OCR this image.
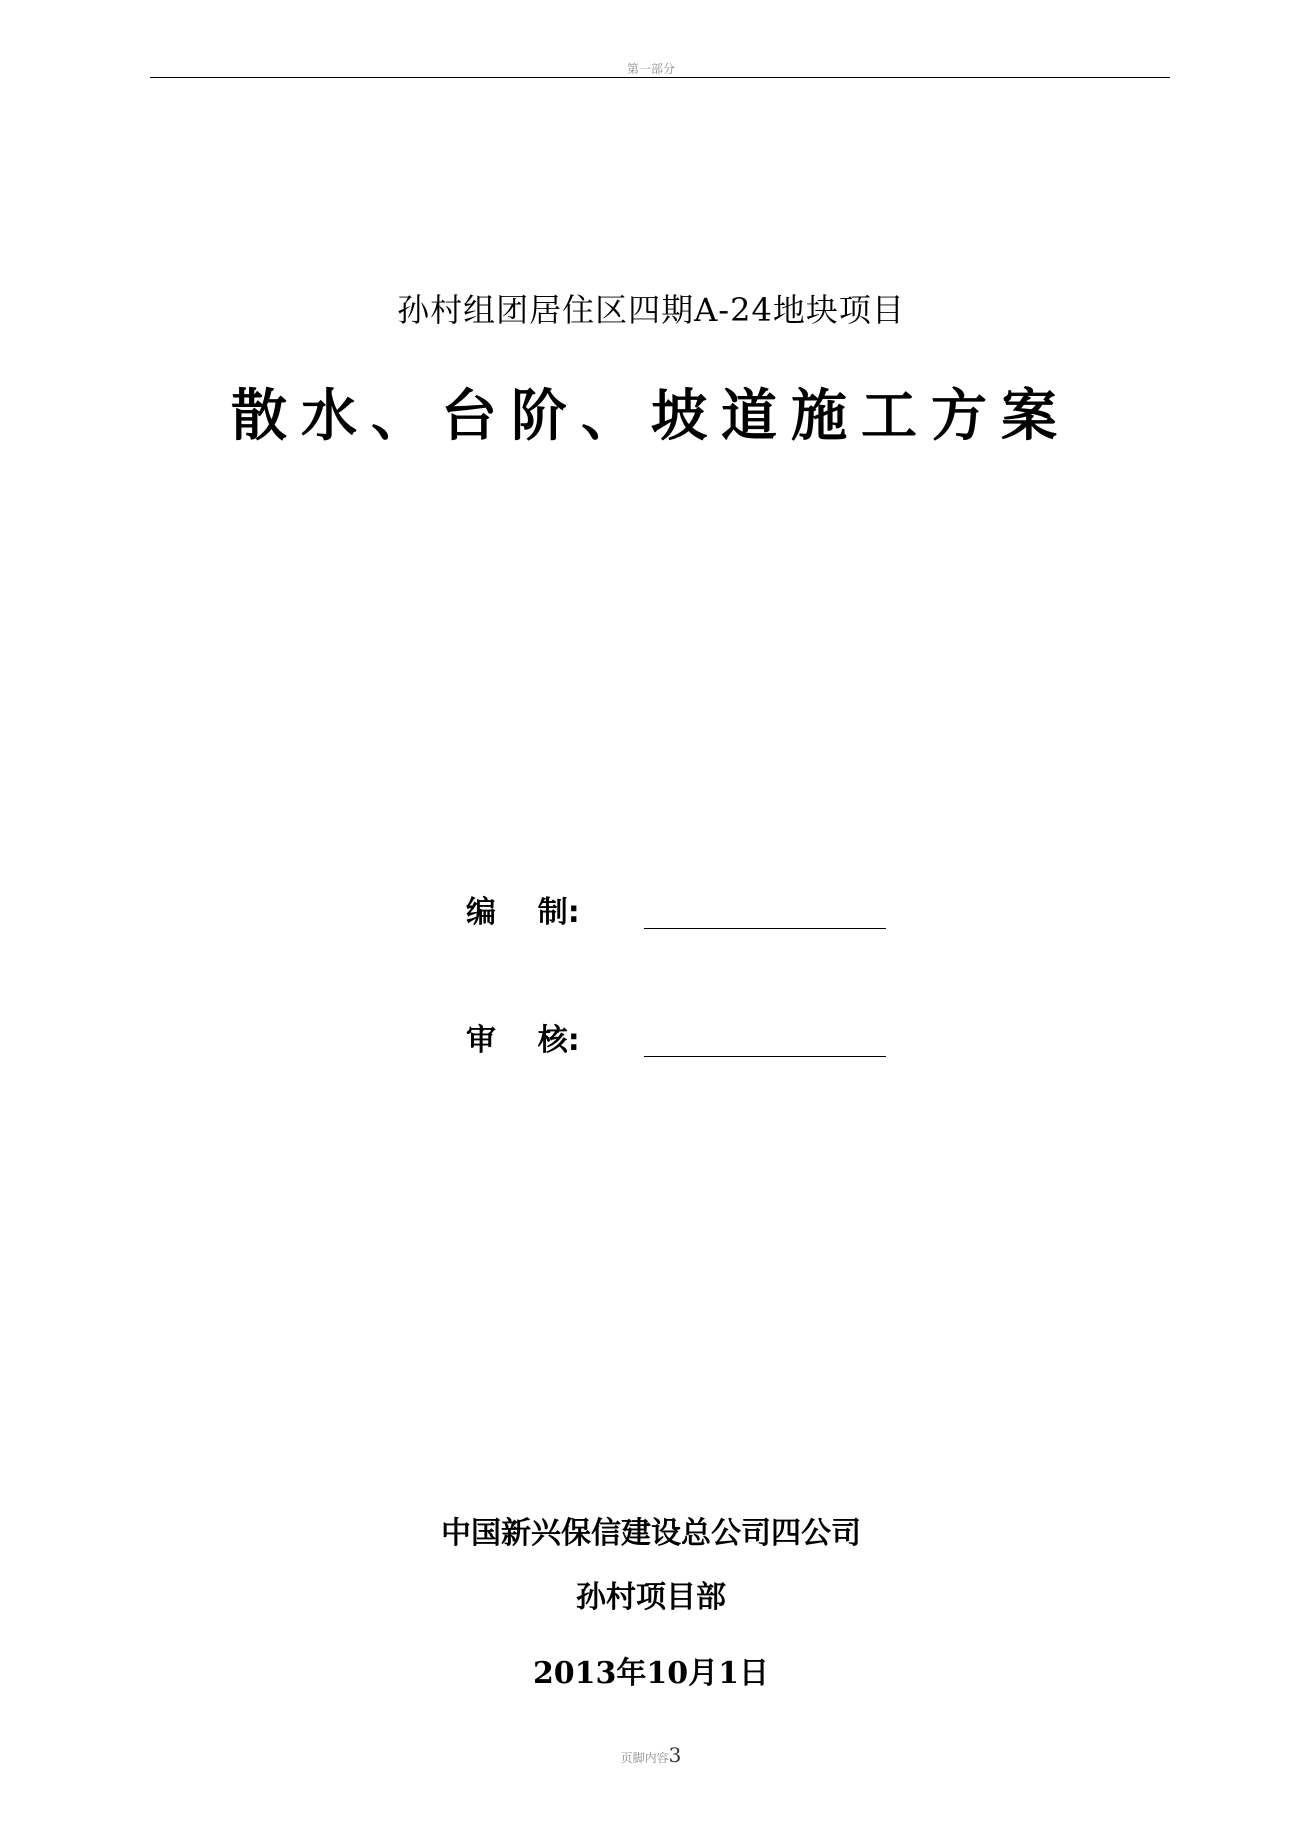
第一部分
孙村组团居住区四期A-24地块项目
散水、台阶、坡道施工方案
编    制:
审    核:
中国新兴保信建设总公司四公司
孙村项目部
2013年10月1日
页脚内容3
